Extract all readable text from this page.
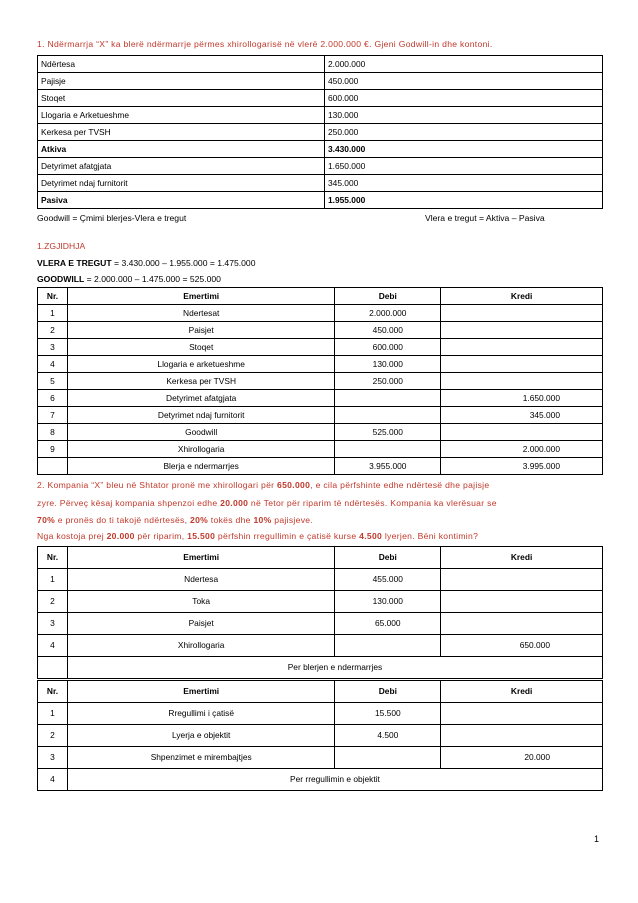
1. Ndërmarrja “X” ka blerë ndërmarrje përmes xhirollogarisë në vlerë 2.000.000 €. Gjeni Godwill-in dhe kontoni.
Ndërtesa	2.000.000
Pajisje	450.000
Stoqet	600.000
Llogaria e Arketueshme	130.000
Kerkesa per TVSH	250.000
Atkiva	3.430.000
Detyrimet afatgjata	1.650.000
Detyrimet ndaj furnitorit	345.000
Pasiva	1.955.000
Goodwill = Çmimi blerjes-Vlera e tregut	Vlera e tregut = Aktiva – Pasiva
1.ZGJIDHJA
VLERA E TREGUT = 3.430.000 – 1.955.000 = 1.475.000
GOODWILL = 2.000.000 – 1.475.000 = 525.000
Nr.	Emertimi	Debi	Kredi
1	Ndertesat	2.000.000	
2	Paisjet	450.000	
3	Stoqet	600.000	
4	Llogaria e arketueshme	130.000	
5	Kerkesa per TVSH	250.000	
6	Detyrimet afatgjata		1.650.000
7	Detyrimet ndaj furnitorit		345.000
8	Goodwill	525.000	
9	Xhirollogaria		2.000.000
	Blerja e ndermarrjes	3.955.000	3.995.000
2. Kompania “X” bleu në Shtator pronë me xhirollogari për 650.000, e cila përfshinte edhe ndërtesë dhe pajisje
zyre. Përveç kësaj kompania shpenzoi edhe 20.000 në Tetor për riparim të ndërtesës. Kompania ka vlerësuar se
70% e pronës do ti takojë ndërtesës, 20% tokës dhe 10% pajisjeve.
Nga kostoja prej 20.000 për riparim, 15.500 përfshin rregullimin e çatisë kurse 4.500 lyerjen. Bëni kontimin?
Nr.	Emertimi	Debi	Kredi
1	Ndertesa	455.000	
2	Toka	130.000	
3	Paisjet	65.000	
4	Xhirollogaria		650.000
	Per blerjen e ndermarrjes		
Nr.	Emertimi	Debi	Kredi
1	Rregullimi i çatisë	15.500	
2	Lyerja e objektit	4.500	
3	Shpenzimet e mirembajtjes		20.000
4	Per rregullimin e objektit		
1
